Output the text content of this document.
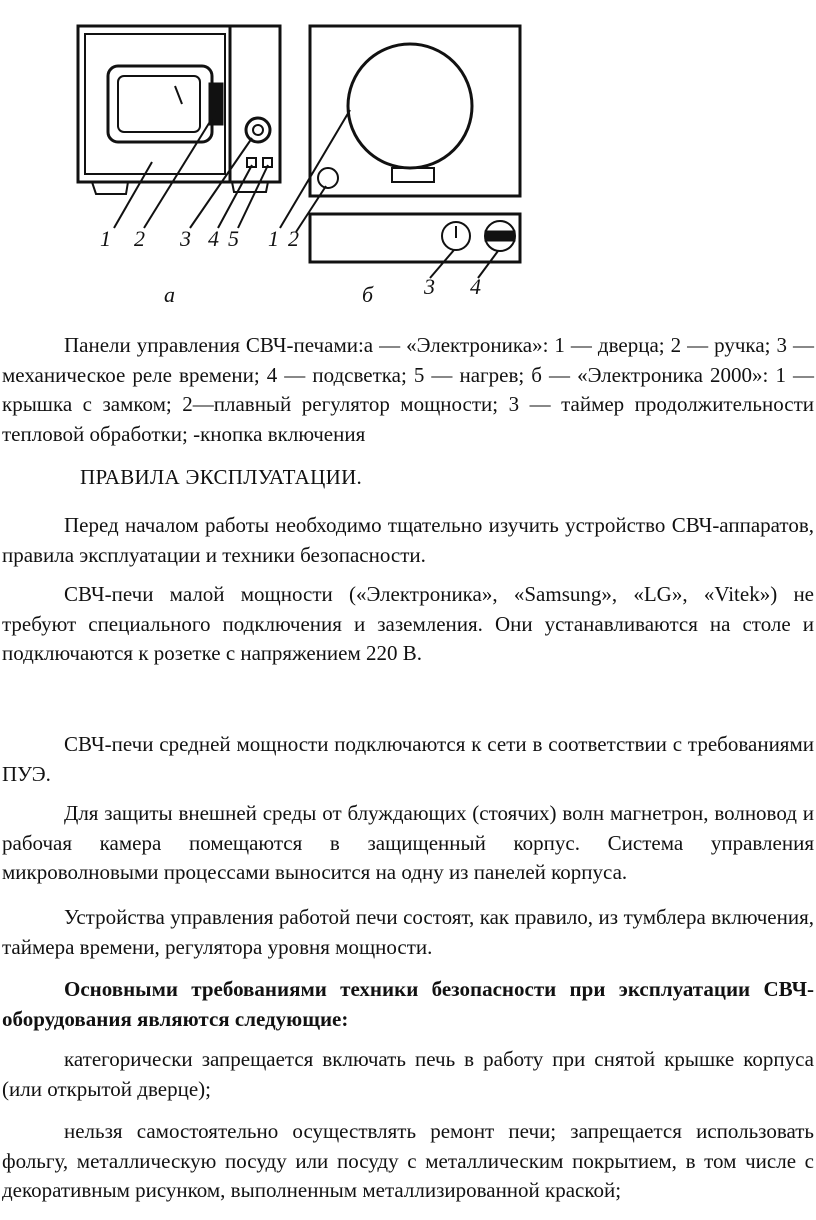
1 2 3 4 5 1 2
3 4
а	б

Панели управления СВЧ-печами:а — «Электроника»: 1 — дверца; 2 — ручка; 3 — механическое реле времени; 4 — подсветка; 5 — нагрев; б — «Электроника 2000»: 1 — крышка с замком; 2—плавный регулятор мощности; 3 — таймер продолжительности тепловой обработки; -кнопка включения

ПРАВИЛА ЭКСПЛУАТАЦИИ.

Перед началом работы необходимо тщательно изучить устройство СВЧ-аппаратов, правила эксплуатации и техники безопасности.

СВЧ-печи малой мощности («Электроника», «Samsung», «LG», «Vitek») не требуют специального подключения и заземления. Они устанавливаются на столе и подключаются к розетке с напряжением 220 В.

СВЧ-печи средней мощности подключаются к сети в соответствии с требованиями ПУЭ.

Для защиты внешней среды от блуждающих (стоячих) волн магнетрон, волновод и рабочая камера помещаются в защищенный корпус. Система управления микроволновыми процессами выносится на одну из панелей корпуса.

Устройства управления работой печи состоят, как правило, из тумблера включения, таймера времени, регулятора уровня мощности.

Основными требованиями техники безопасности при эксплуатации СВЧ-оборудования являются следующие:

категорически запрещается включать печь в работу при снятой крышке корпуса (или открытой дверце);

нельзя самостоятельно осуществлять ремонт печи; запрещается использовать фольгу, металлическую посуду или посуду с металлическим покрытием, в том числе с декоративным рисунком, выполненным металлизированной краской;
